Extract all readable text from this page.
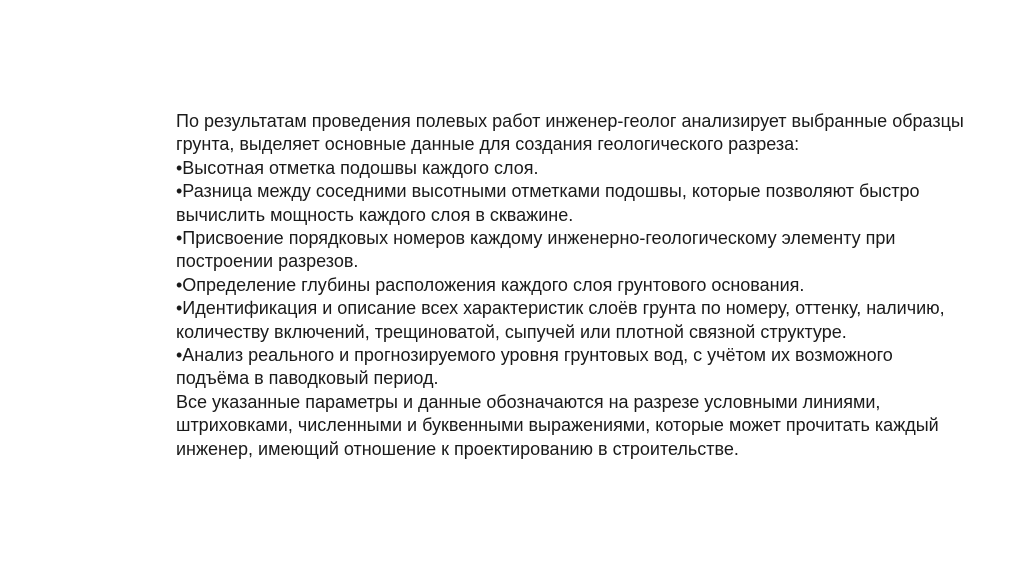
По результатам проведения полевых работ инженер-геолог анализирует выбранные образцы грунта, выделяет основные данные для создания геологического разреза:

•Высотная отметка подошвы каждого слоя.

•Разница между соседними высотными отметками подошвы, которые позволяют быстро вычислить мощность каждого слоя в скважине.

•Присвоение порядковых номеров каждому инженерно-геологическому элементу при построении разрезов.

•Определение глубины расположения каждого слоя грунтового основания.

•Идентификация и описание всех характеристик слоёв грунта по номеру, оттенку, наличию, количеству включений, трещиноватой, сыпучей или плотной связной структуре.

•Анализ реального и прогнозируемого уровня грунтовых вод, с учётом их возможного подъёма в паводковый период.

Все указанные параметры и данные обозначаются на разрезе условными линиями, штриховками, численными и буквенными выражениями, которые может прочитать каждый инженер, имеющий отношение к проектированию в строительстве.
